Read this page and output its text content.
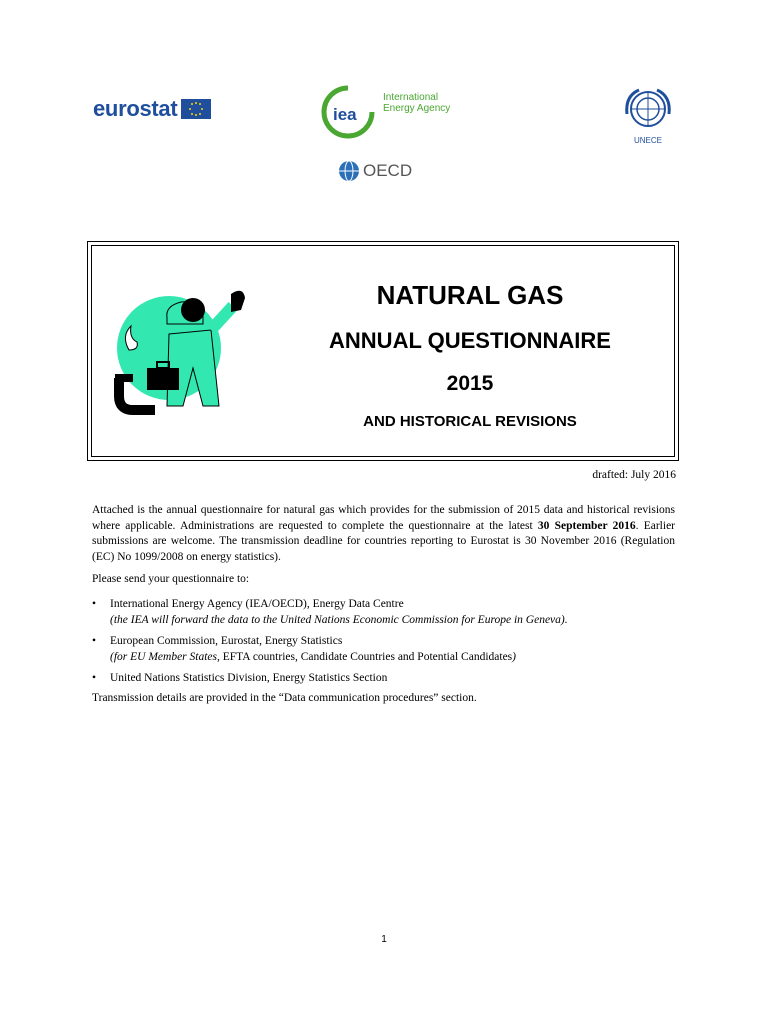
eurostat	iea
International
Energy Agency
OECD
UNECE
NATURAL GAS
ANNUAL QUESTIONNAIRE
2015
AND HISTORICAL REVISIONS
drafted: July 2016
Attached is the annual questionnaire for natural gas which provides for the submission of 2015 data and historical revisions where applicable. Administrations are requested to complete the questionnaire at the latest 30 September 2016. Earlier submissions are welcome. The transmission deadline for countries reporting to Eurostat is 30 November 2016 (Regulation (EC) No 1099/2008 on energy statistics).
Please send your questionnaire to:
• International Energy Agency (IEA/OECD), Energy Data Centre
(the IEA will forward the data to the United Nations Economic Commission for Europe in Geneva).
• European Commission, Eurostat, Energy Statistics
(for EU Member States, EFTA countries, Candidate Countries and Potential Candidates)
• United Nations Statistics Division, Energy Statistics Section
Transmission details are provided in the “Data communication procedures” section.
1
